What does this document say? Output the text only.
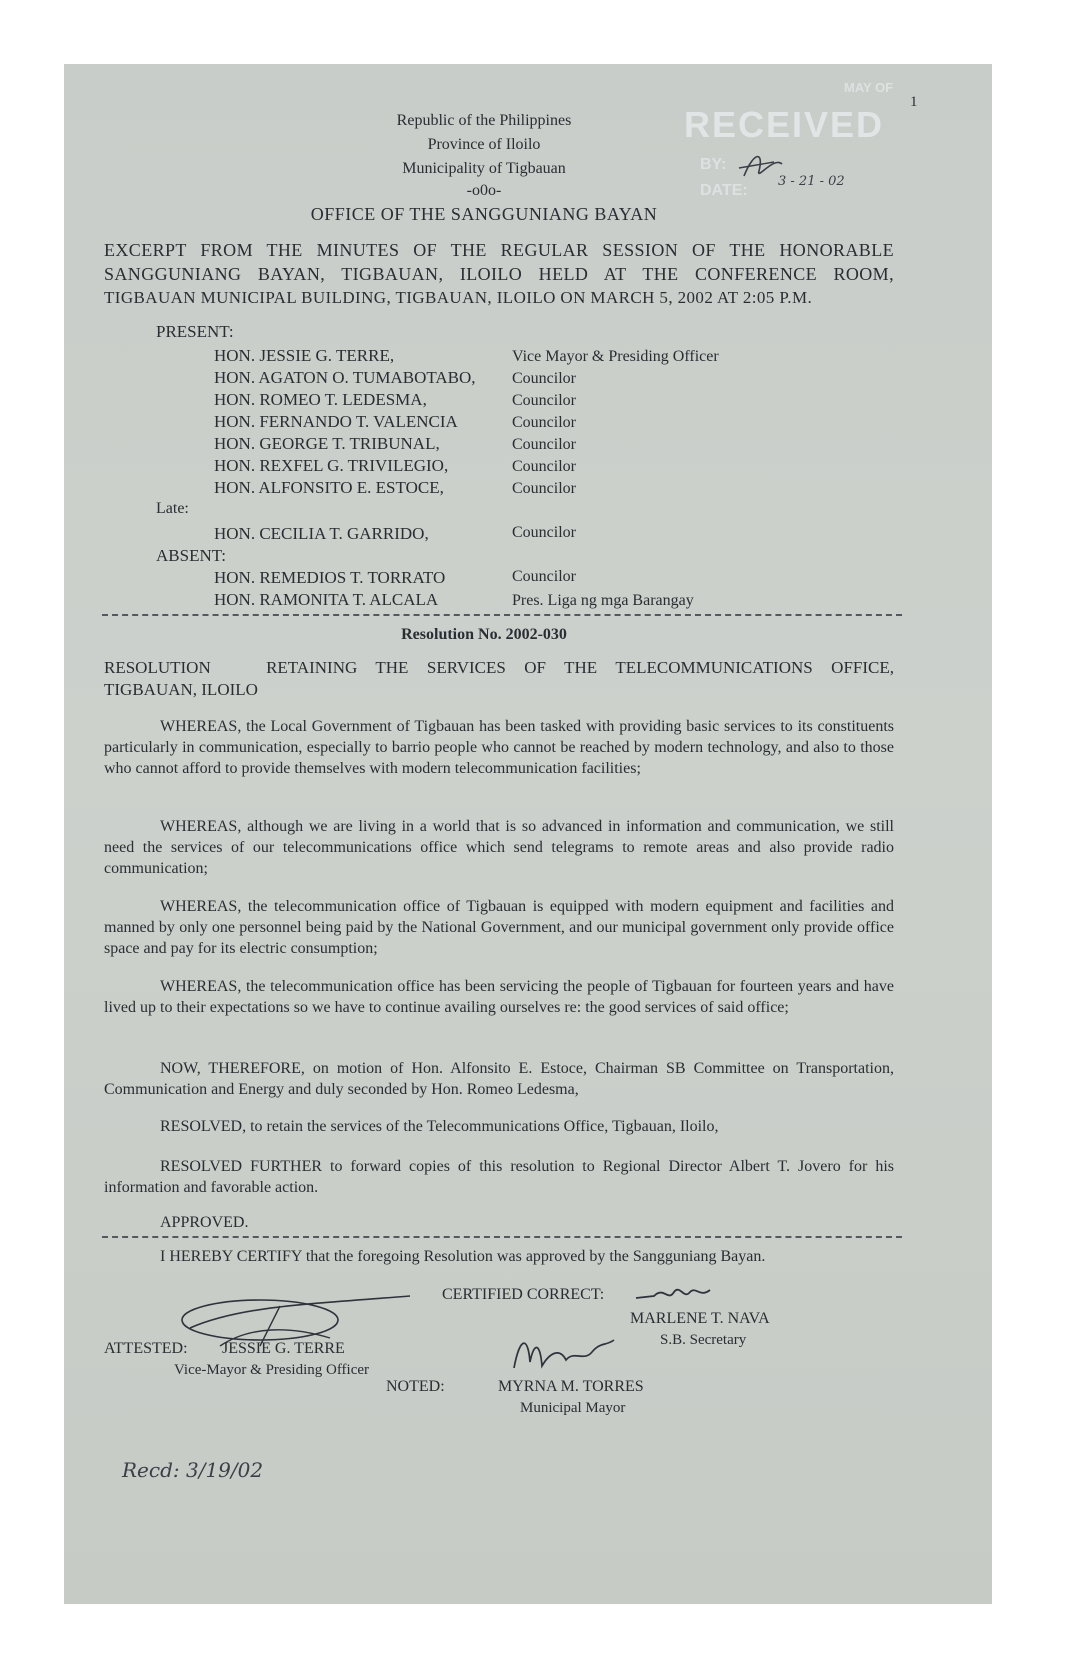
1
MAY OF
RECEIVED
BY:
DATE:
3 - 21 - 02
Republic of the Philippines
Province of Iloilo
Municipality of Tigbauan
-o0o-
OFFICE OF THE SANGGUNIANG BAYAN
EXCERPT FROM THE MINUTES OF THE REGULAR SESSION OF THE HONORABLE
SANGGUNIANG BAYAN, TIGBAUAN, ILOILO HELD AT THE CONFERENCE ROOM,
TIGBAUAN MUNICIPAL BUILDING, TIGBAUAN, ILOILO ON MARCH 5, 2002 AT 2:05 P.M.
PRESENT:
HON. JESSIE G. TERRE,	Vice Mayor & Presiding Officer
HON. AGATON O. TUMABOTABO, Councilor
HON. ROMEO T. LEDESMA,	Councilor
HON. FERNANDO T. VALENCIA	Councilor
HON. GEORGE T. TRIBUNAL,	Councilor
HON. REXFEL G. TRIVILEGIO,	Councilor
HON. ALFONSITO E. ESTOCE,	Councilor
Late:
HON. CECILIA T. GARRIDO,	Councilor
ABSENT:
HON. REMEDIOS T. TORRATO	Councilor
HON. RAMONITA T. ALCALA	Pres. Liga ng mga Barangay
Resolution No. 2002-030
RESOLUTION   RETAINING THE SERVICES OF THE TELECOMMUNICATIONS OFFICE,
TIGBAUAN, ILOILO
WHEREAS, the Local Government of Tigbauan has been tasked with providing basic services to its constituents particularly in communication, especially to barrio people who cannot be reached by modern technology, and also to those who cannot afford to provide themselves with modern telecommunication facilities;
WHEREAS, although we are living in a world that is so advanced in information and communication, we still need the services of our telecommunications office which send telegrams to remote areas and also provide radio communication;
WHEREAS, the telecommunication office of Tigbauan is equipped with modern equipment and facilities and manned by only one personnel being paid by the National Government, and our municipal government only provide office space and pay for its electric consumption;
WHEREAS, the telecommunication office has been servicing the people of Tigbauan for fourteen years and have lived up to their expectations so we have to continue availing ourselves re: the good services of said office;
NOW, THEREFORE, on motion of Hon. Alfonsito E. Estoce, Chairman SB Committee on Transportation, Communication and Energy and duly seconded by Hon. Romeo Ledesma,
RESOLVED, to retain the services of the Telecommunications Office, Tigbauan, Iloilo,
RESOLVED FURTHER to forward copies of this resolution to Regional Director Albert T. Jovero for his information and favorable action.
APPROVED.
I HEREBY CERTIFY that the foregoing Resolution was approved by the Sangguniang Bayan.
CERTIFIED CORRECT:
MARLENE T. NAVA
S.B. Secretary
ATTESTED: JESSIE G. TERRE
Vice-Mayor & Presiding Officer
NOTED:	MYRNA M. TORRES
Municipal Mayor
Recd: 3/19/02
